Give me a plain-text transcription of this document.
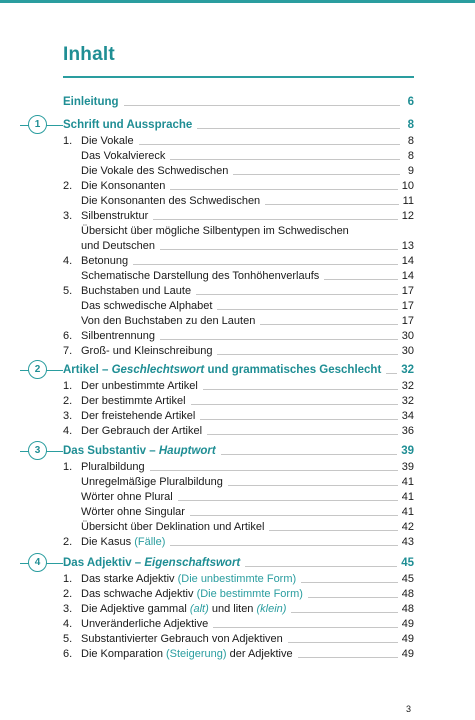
Inhalt
Einleitung	6
1	Schrift und Aussprache	8
1. Die Vokale	8
Das Vokalviereck	8
Die Vokale des Schwedischen	9
2. Die Konsonanten	10
Die Konsonanten des Schwedischen	11
3. Silbenstruktur	12
Übersicht über mögliche Silbentypen im Schwedischen
und Deutschen	13
4. Betonung	14
Schematische Darstellung des Tonhöhenverlaufs	14
5. Buchstaben und Laute	17
Das schwedische Alphabet	17
Von den Buchstaben zu den Lauten	17
6. Silbentrennung	30
7. Groß- und Kleinschreibung	30
2	Artikel – Geschlechtswort und grammatisches Geschlecht 32
1. Der unbestimmte Artikel	32
2. Der bestimmte Artikel	32
3. Der freistehende Artikel	34
4. Der Gebrauch der Artikel	36
3	Das Substantiv – Hauptwort	39
1. Pluralbildung	39
Unregelmäßige Pluralbildung	41
Wörter ohne Plural	41
Wörter ohne Singular	41
Übersicht über Deklination und Artikel	42
2. Die Kasus (Fälle)	43
4	Das Adjektiv – Eigenschaftswort	45
1. Das starke Adjektiv (Die unbestimmte Form)	45
2. Das schwache Adjektiv (Die bestimmte Form)	48
3. Die Adjektive gammal (alt) und liten (klein)	48
4. Unveränderliche Adjektive	49
5. Substantivierter Gebrauch von Adjektiven	49
6. Die Komparation (Steigerung) der Adjektive	49
3
